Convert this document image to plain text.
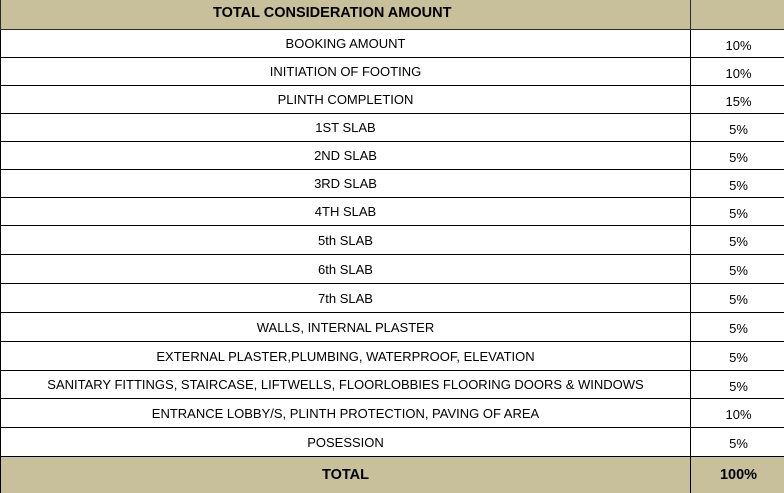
TOTAL CONSIDERATION AMOUNT	
BOOKING AMOUNT	10%
INITIATION OF FOOTING	10%
PLINTH COMPLETION	15%
1ST SLAB	5%
2ND SLAB	5%
3RD SLAB	5%
4TH SLAB	5%
5th SLAB	5%
6th SLAB	5%
7th SLAB	5%
WALLS, INTERNAL PLASTER	5%
EXTERNAL PLASTER,PLUMBING, WATERPROOF, ELEVATION	5%
SANITARY FITTINGS, STAIRCASE, LIFTWELLS, FLOORLOBBIES FLOORING DOORS & WINDOWS	5%
ENTRANCE LOBBY/S, PLINTH PROTECTION, PAVING OF AREA	10%
POSESSION	5%
TOTAL	100%
